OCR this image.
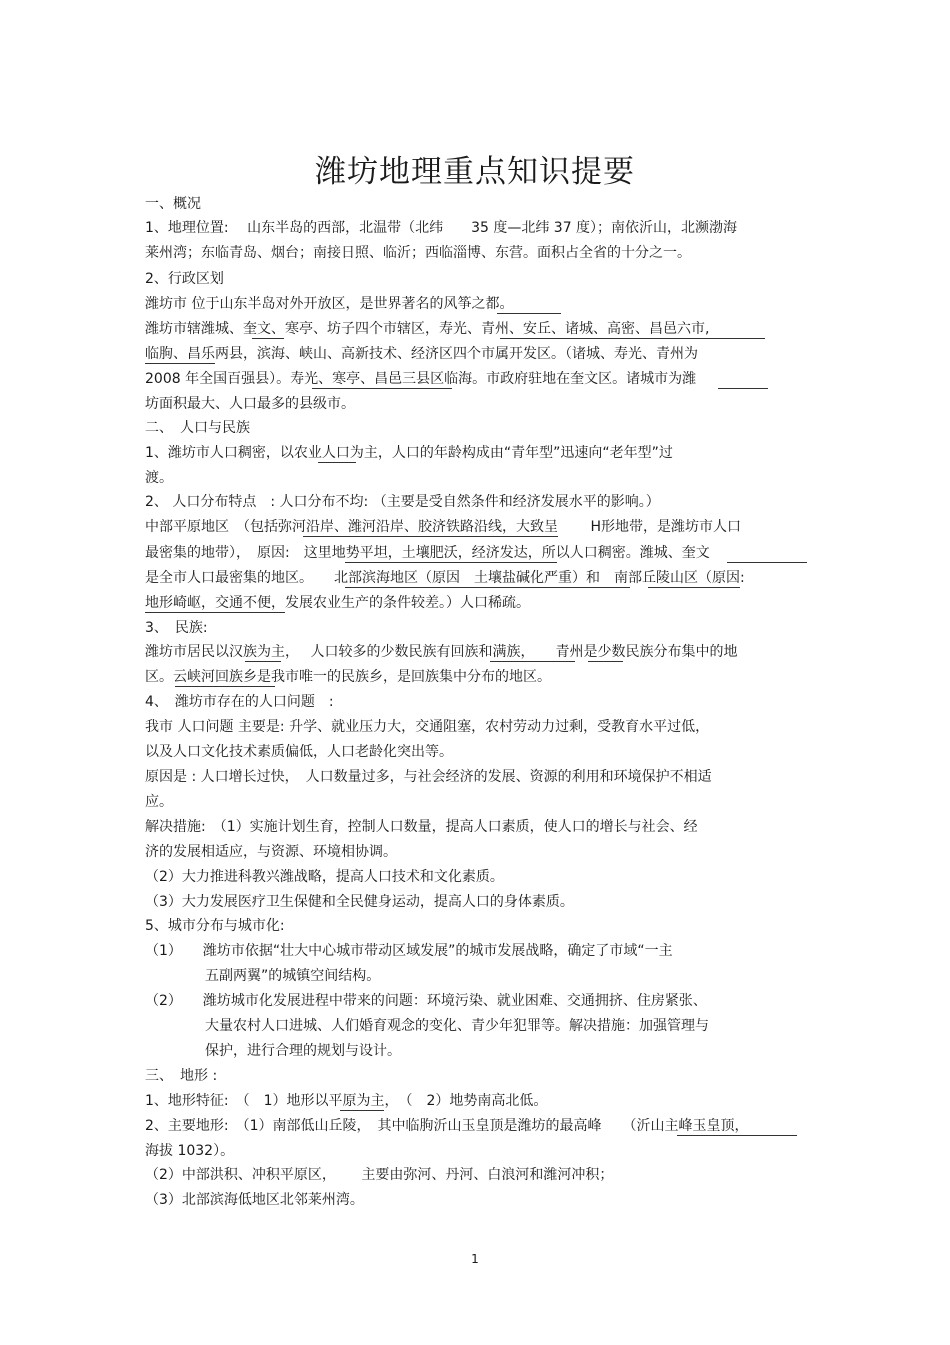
潍坊地理重点知识提要
一、概况
1、地理位置:　 山东半岛的西部，北温带（北纬　　35 度—北纬 37 度）；南依沂山，北濒渤海
莱州湾；东临青岛、烟台；南接日照、临沂；西临淄博、东营。面积占全省的十分之一。
2、行政区划
潍坊市 位于山东半岛对外开放区，是世界著名的风筝之都。
潍坊市辖潍城、奎文、寒亭、坊子四个市辖区，寿光、青州、安丘、诸城、高密、昌邑六市,
临朐、昌乐两县，滨海、峡山、高新技术、经济区四个市属开发区。（诸城、寿光、青州为
2008 年全国百强县）。寿光、寒亭、昌邑三县区临海。市政府驻地在奎文区。诸城市为潍
坊面积最大、人口最多的县级市。
二、　人口与民族
1、潍坊市人口稠密，以农业人口为主，人口的年龄构成由“青年型”迅速向“老年型”过
渡。
2、 人口分布特点　: 人口分布不均: （主要是受自然条件和经济发展水平的影响。）
中部平原地区　（包括弥河沿岸、潍河沿岸、胶济铁路沿线，大致呈　　 H形地带，是潍坊市人口
最密集的地带），　原因:　这里地势平坦，土壤肥沃，经济发达，所以人口稠密。潍城、奎文
是全市人口最密集的地区。　　北部滨海地区（原因　土壤盐碱化严重）和　南部丘陵山区（原因:
地形崎岖，交通不便，发展农业生产的条件较差。）人口稀疏。
3、　民族:
潍坊市居民以汉族为主，　 人口较多的少数民族有回族和满族，　　青州是少数民族分布集中的地
区。云峡河回族乡是我市唯一的民族乡，是回族集中分布的地区。
4、　潍坊市存在的人口问题　:
我市 人口问题 主要是: 升学、就业压力大，交通阻塞，农村劳动力过剩，受教育水平过低，
以及人口文化技术素质偏低，人口老龄化突出等。
原因是 : 人口增长过快，　人口数量过多，与社会经济的发展、资源的利用和环境保护不相适
应。
解决措施:　（1）实施计划生育，控制人口数量，提高人口素质，使人口的增长与社会、经
济的发展相适应，与资源、环境相协调。
（2）大力推进科教兴潍战略，提高人口技术和文化素质。
（3）大力发展医疗卫生保健和全民健身运动，提高人口的身体素质。
5、城市分布与城市化:
（1）　　潍坊市依据“壮大中心城市带动区域发展”的城市发展战略，确定了市域“一主
五副两翼”的城镇空间结构。
（2）　　潍坊城市化发展进程中带来的问题：环境污染、就业困难、交通拥挤、住房紧张、
大量农村人口进城、人们婚育观念的变化、青少年犯罪等。解决措施：加强管理与
保护，进行合理的规划与设计。
三、　地形 :
1、地形特征:　（　1）地形以平原为主，　（　2）地势南高北低。
2、主要地形:　（1）南部低山丘陵，　其中临朐沂山玉皇顶是潍坊的最高峰　　（沂山主峰玉皇顶，
海拔 1032）。
（2）中部洪积、冲积平原区，　　 主要由弥河、丹河、白浪河和潍河冲积；
（3）北部滨海低地区北邻莱州湾。
1
